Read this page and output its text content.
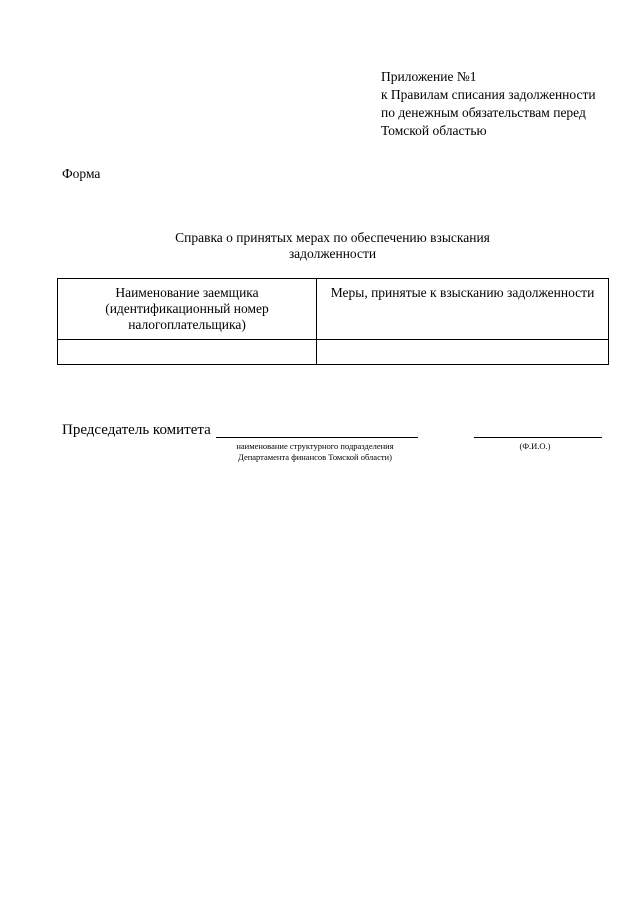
Приложение №1
к Правилам списания задолженности
по денежным обязательствам перед
Томской областью
Форма
Справка о принятых мерах по обеспечению взыскания
задолженности
Наименование заемщика (идентификационный номер налогоплательщика)	Меры, принятые к взысканию задолженности

Председатель комитета
наименование структурного подразделения
Департамента финансов Томской области)
(Ф.И.О.)
